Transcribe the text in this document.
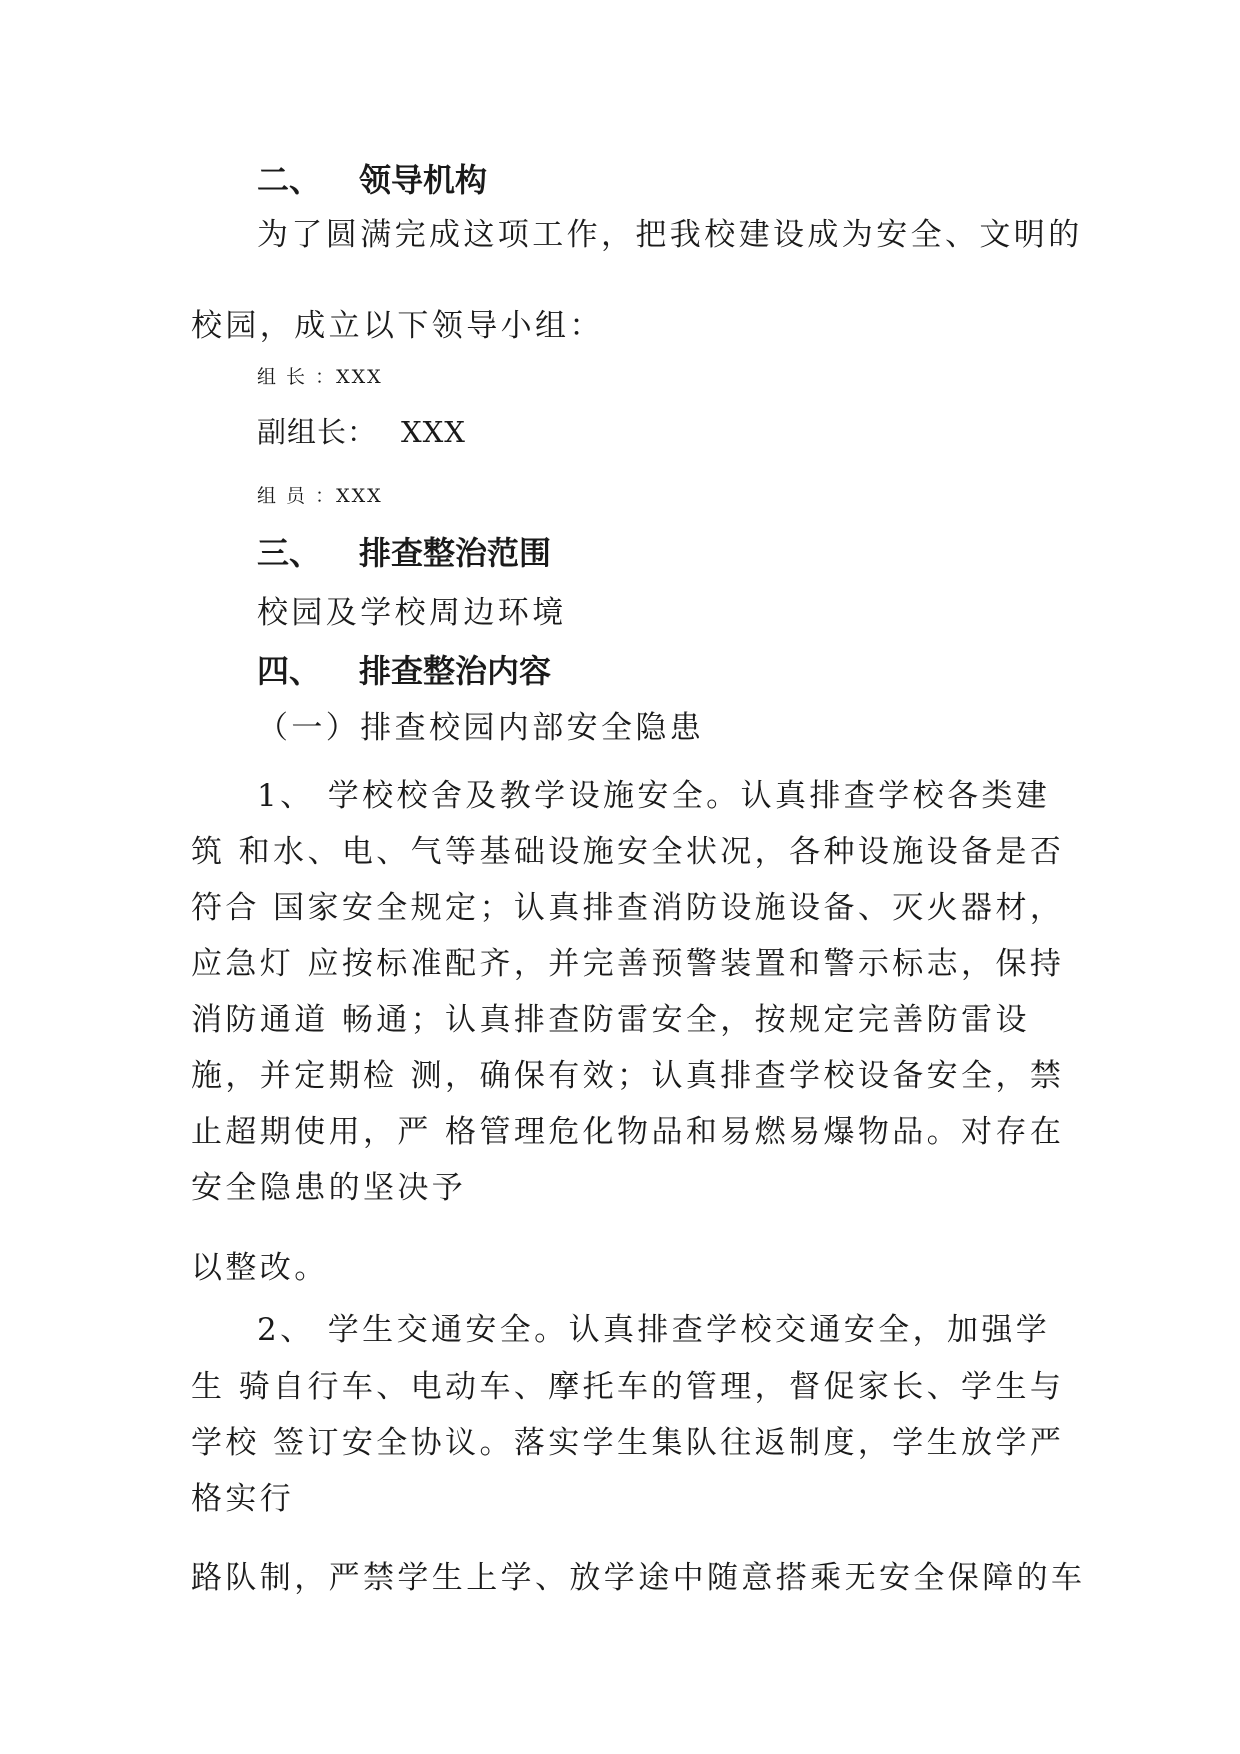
二、 领导机构

为了圆满完成这项工作，把我校建设成为安全、文明的

校园，成立以下领导小组：

组 长 ：XXX

副组长： XXX

组 员 ：XXX

三、 排查整治范围

校园及学校周边环境

四、 排查整治内容

（一）排查校园内部安全隐患

1、 学校校舍及教学设施安全。认真排查学校各类建

筑 和水、电、气等基础设施安全状况，各种设施设备是否

符合 国家安全规定；认真排查消防设施设备、灭火器材，

应急灯 应按标准配齐，并完善预警装置和警示标志，保持

消防通道 畅通；认真排查防雷安全，按规定完善防雷设

施，并定期检 测，确保有效；认真排查学校设备安全，禁

止超期使用，严 格管理危化物品和易燃易爆物品。对存在

安全隐患的坚决予

以整改。

2、 学生交通安全。认真排查学校交通安全，加强学

生 骑自行车、电动车、摩托车的管理，督促家长、学生与

学校 签订安全协议。落实学生集队往返制度，学生放学严

格实行

路队制，严禁学生上学、放学途中随意搭乘无安全保障的车
